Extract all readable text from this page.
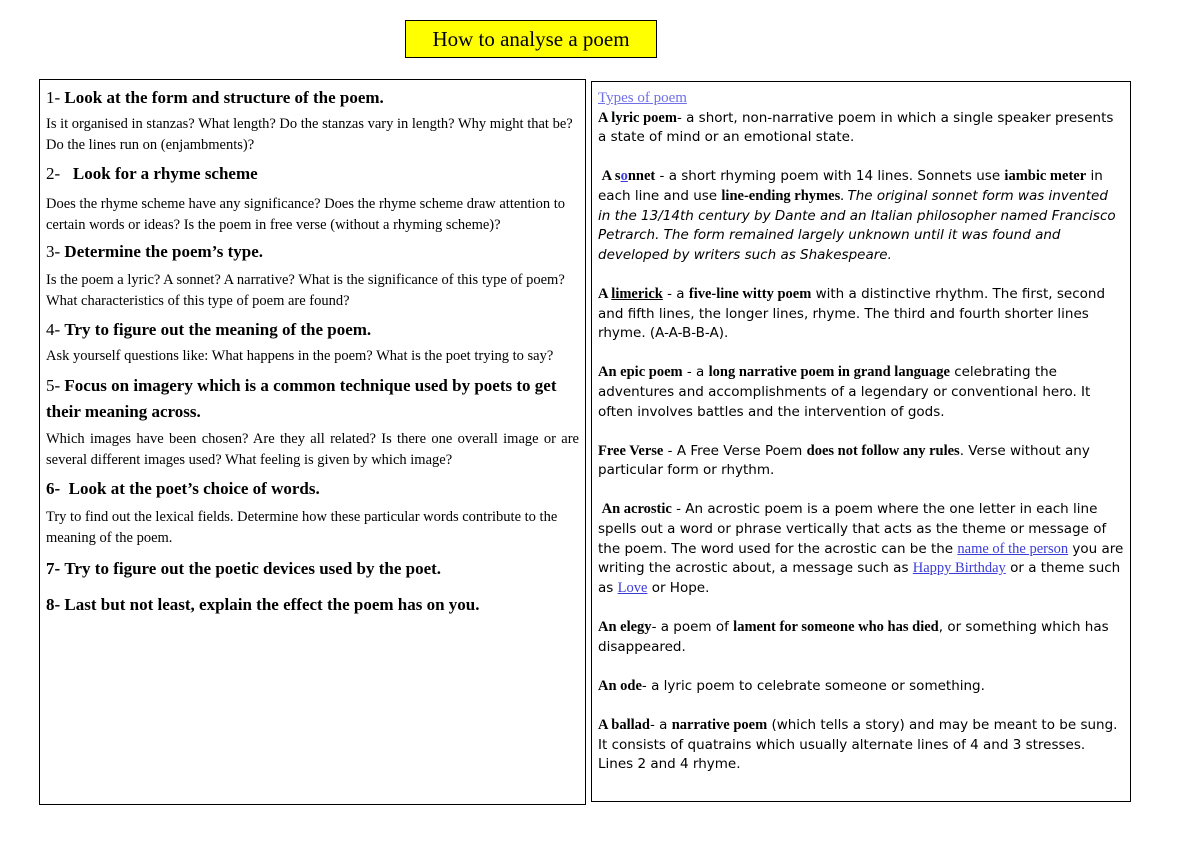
How to analyse a poem

1- Look at the form and structure of the poem.

Is it organised in stanzas? What length? Do the stanzas vary in length? Why might that be? Do the lines run on (enjambments)?

2- Look for a rhyme scheme

Does the rhyme scheme have any significance? Does the rhyme scheme draw attention to certain words or ideas? Is the poem in free verse (without a rhyming scheme)?

3- Determine the poem’s type.

Is the poem a lyric? A sonnet? A narrative? What is the significance of this type of poem? What characteristics of this type of poem are found?

4- Try to figure out the meaning of the poem.

Ask yourself questions like: What happens in the poem? What is the poet trying to say?

5- Focus on imagery which is a common technique used by poets to get their meaning across.

Which images have been chosen? Are they all related? Is there one overall image or are several different images used? What feeling is given by which image?

6- Look at the poet’s choice of words.

Try to find out the lexical fields. Determine how these particular words contribute to the meaning of the poem.

7- Try to figure out the poetic devices used by the poet.

8- Last but not least, explain the effect the poem has on you.

Types of poem

A lyric poem- a short, non-narrative poem in which a single speaker presents a state of mind or an emotional state.

A sonnet - a short rhyming poem with 14 lines. Sonnets use iambic meter in each line and use line-ending rhymes. The original sonnet form was invented in the 13/14th century by Dante and an Italian philosopher named Francisco Petrarch. The form remained largely unknown until it was found and developed by writers such as Shakespeare.

A limerick - a five-line witty poem with a distinctive rhythm. The first, second and fifth lines, the longer lines, rhyme. The third and fourth shorter lines rhyme. (A-A-B-B-A).

An epic poem - a long narrative poem in grand language celebrating the adventures and accomplishments of a legendary or conventional hero. It often involves battles and the intervention of gods.

Free Verse - A Free Verse Poem does not follow any rules. Verse without any particular form or rhythm.

An acrostic - An acrostic poem is a poem where the one letter in each line spells out a word or phrase vertically that acts as the theme or message of the poem. The word used for the acrostic can be the name of the person you are writing the acrostic about, a message such as Happy Birthday or a theme such as Love or Hope.

An elegy- a poem of lament for someone who has died, or something which has disappeared.

An ode- a lyric poem to celebrate someone or something.

A ballad- a narrative poem (which tells a story) and may be meant to be sung. It consists of quatrains which usually alternate lines of 4 and 3 stresses. Lines 2 and 4 rhyme.
